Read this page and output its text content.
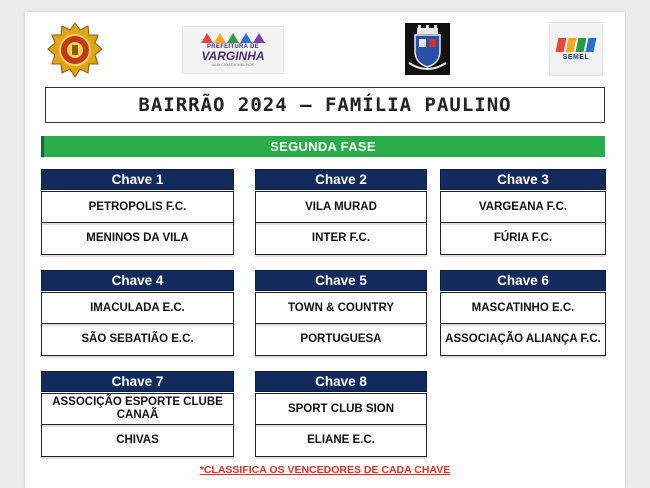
PREFEITURA DE
VARGINHA
UMA CIDADE MELHOR
SEMEL
BAIRRÃO 2024 – FAMÍLIA PAULINO
SEGUNDA FASE
Chave 1
PETROPOLIS F.C.
MENINOS DA VILA
Chave 2
VILA MURAD
INTER F.C.
Chave 3
VARGEANA F.C.
FÚRIA F.C.
Chave 4
IMACULADA E.C.
SÃO SEBATIÃO E.C.
Chave 5
TOWN & COUNTRY
PORTUGUESA
Chave 6
MASCATINHO E.C.
ASSOCIAÇÃO ALIANÇA F.C.
Chave 7
ASSOCIÇÃO ESPORTE CLUBE CANAÃ
CHIVAS
Chave 8
SPORT CLUB SION
ELIANE E.C.
*CLASSIFICA OS VENCEDORES DE CADA CHAVE
